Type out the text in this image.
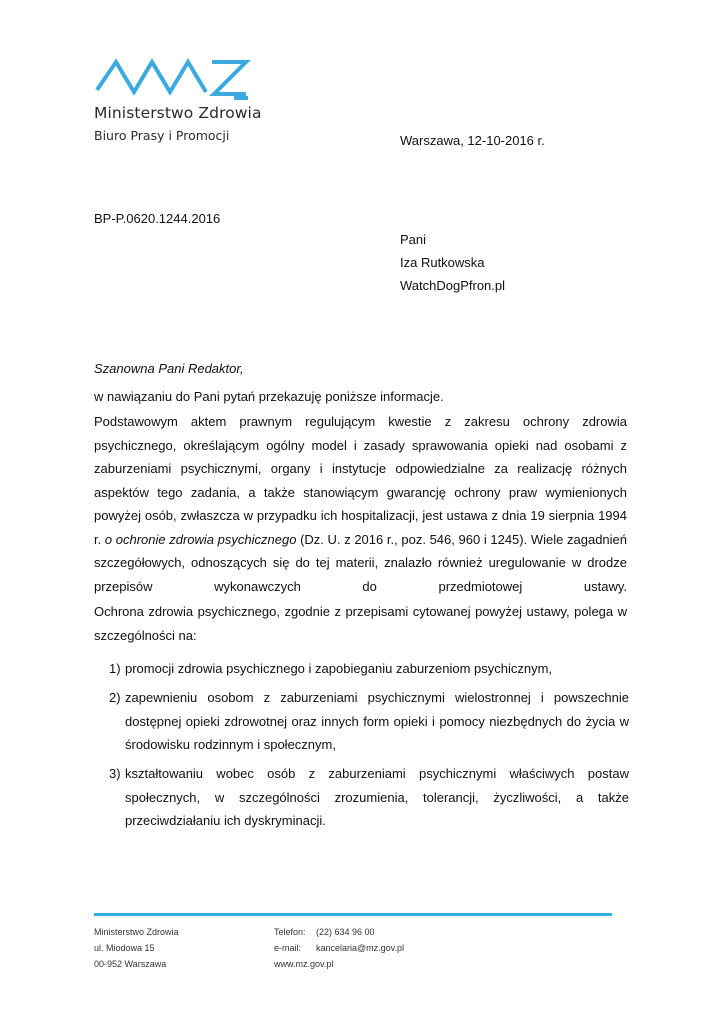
Ministerstwo Zdrowia
Biuro Prasy i Promocji	Warszawa, 12-10-2016 r.
BP-P.0620.1244.2016
Pani
Iza Rutkowska
WatchDogPfron.pl
Szanowna Pani Redaktor,
w nawiązaniu do Pani pytań przekazuję poniższe informacje.
Podstawowym aktem prawnym regulującym kwestie z zakresu ochrony zdrowia psychicznego, określającym ogólny model i zasady sprawowania opieki nad osobami z zaburzeniami psychicznymi, organy i instytucje odpowiedzialne za realizację różnych aspektów tego zadania, a także stanowiącym gwarancję ochrony praw wymienionych powyżej osób, zwłaszcza w przypadku ich hospitalizacji, jest ustawa z dnia 19 sierpnia 1994 r. o ochronie zdrowia psychicznego (Dz. U. z 2016 r., poz. 546, 960 i 1245). Wiele zagadnień szczegółowych, odnoszących się do tej materii, znalazło również uregulowanie w drodze przepisów wykonawczych do przedmiotowej ustawy.
Ochrona zdrowia psychicznego, zgodnie z przepisami cytowanej powyżej ustawy, polega w szczególności na:
1) promocji zdrowia psychicznego i zapobieganiu zaburzeniom psychicznym,
2) zapewnieniu osobom z zaburzeniami psychicznymi wielostronnej i powszechnie dostępnej opieki zdrowotnej oraz innych form opieki i pomocy niezbędnych do życia w środowisku rodzinnym i społecznym,
3) kształtowaniu wobec osób z zaburzeniami psychicznymi właściwych postaw społecznych, w szczególności zrozumienia, tolerancji, życzliwości, a także przeciwdziałaniu ich dyskryminacji.
Ministerstwo Zdrowia
ul. Miodowa 15
00-952 Warszawa
Telefon: (22) 634 96 00
e-mail: kancelaria@mz.gov.pl
www.mz.gov.pl
